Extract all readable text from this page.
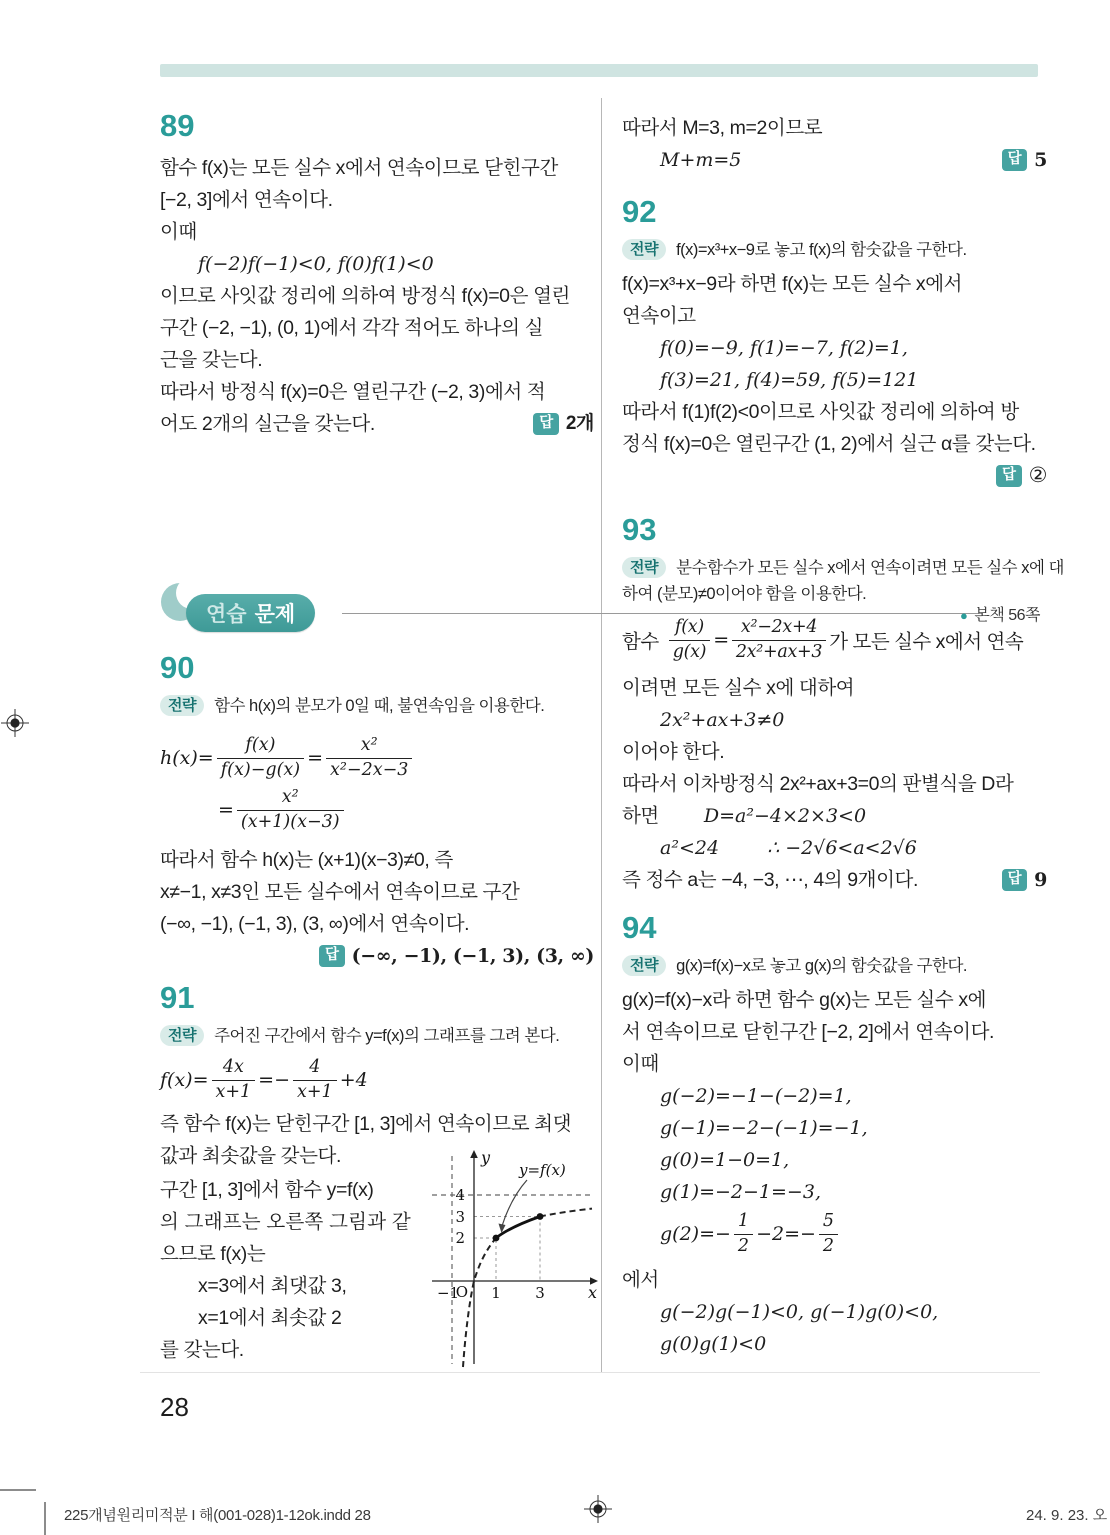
89
함수 f(x)는 모든 실수 x에서 연속이므로 닫힌구간
[−2, 3]에서 연속이다.
이때
f(−2)f(−1)<0, f(0)f(1)<0
이므로 사잇값 정리에 의하여 방정식 f(x)=0은 열린
구간 (−2, −1), (0, 1)에서 각각 적어도 하나의 실
근을 갖는다.
따라서 방정식 f(x)=0은 열린구간 (−2, 3)에서 적
어도 2개의 실근을 갖는다.	답 2개
연습 문제	● 본책 56쪽
90
전략 함수 h(x)의 분모가 0일 때, 불연속임을 이용한다.
$h(x)= \frac{f(x)}{f(x)-g(x)} = \frac{\text{x²}}{\text{x²−2x−3}}$
= $\frac{\text{x²}}{(x+1)(x-3)}$
따라서 함수 h(x)는 (x+1)(x−3)≠0, 즉
x≠−1, x≠3인 모든 실수에서 연속이므로 구간
(−∞, −1), (−1, 3), (3, ∞)에서 연속이다.
답 (−∞, −1), (−1, 3), (3, ∞)
91
전략 주어진 구간에서 함수 y=f(x)의 그래프를 그려 본다.
$f(x)= \frac{4x}{x+1} =- \frac{4}{x+1} +4$
즉 함수 f(x)는 닫힌구간 [1, 3]에서 연속이므로 최댓
값과 최솟값을 갖는다.
구간 [1, 3]에서 함수 y=f(x)
의 그래프는 오른쪽 그림과 같
으므로 f(x)는
x=3에서 최댓값 3,
x=1에서 최솟값 2
를 갖는다.
y=f(x)
y
x
O
4
3
2
−1 1 3
따라서 M=3, m=2이므로
M+m=5	답 5
92
전략 f(x)=x³+x−9로 놓고 f(x)의 함숫값을 구한다.
f(x)=x³+x−9라 하면 f(x)는 모든 실수 x에서
연속이고
f(0)=−9, f(1)=−7, f(2)=1,
f(3)=21, f(4)=59, f(5)=121
따라서 f(1)f(2)<0이므로 사잇값 정리에 의하여 방
정식 f(x)=0은 열린구간 (1, 2)에서 실근 α를 갖는다.
답 ②
93
전략 분수함수가 모든 실수 x에서 연속이려면 모든 실수 x에 대
하여 (분모)≠0이어야 함을 이용한다.
함수 $\frac{f(x)}{g(x)} = \frac{\text{x²−2x+4}}{\text{2x²+ax+3}}$ 가 모든 실수 x에서 연속
이려면 모든 실수 x에 대하여
2x²+ax+3≠0
이어야 한다.
따라서 이차방정식 2x²+ax+3=0의 판별식을 D라
하면 D=a²−4×2×3<0
a²<24	∴ −2√6<a<2√6
즉 정수 a는 −4, −3, ⋯, 4의 9개이다.	답 9
94
전략 g(x)=f(x)−x로 놓고 g(x)의 함숫값을 구한다.
g(x)=f(x)−x라 하면 함수 g(x)는 모든 실수 x에
서 연속이므로 닫힌구간 [−2, 2]에서 연속이다.
이때
g(−2)=−1−(−2)=1,
g(−1)=−2−(−1)=−1,
g(0)=1−0=1,
g(1)=−2−1=−3,
$g(2)=- \frac{1}{2} -2=- \frac{5}{2}$
에서
g(−2)g(−1)<0, g(−1)g(0)<0,
g(0)g(1)<0
28
225개념원리미적분 I 해(001-028)1-12ok.indd 28	24. 9. 23. 오
